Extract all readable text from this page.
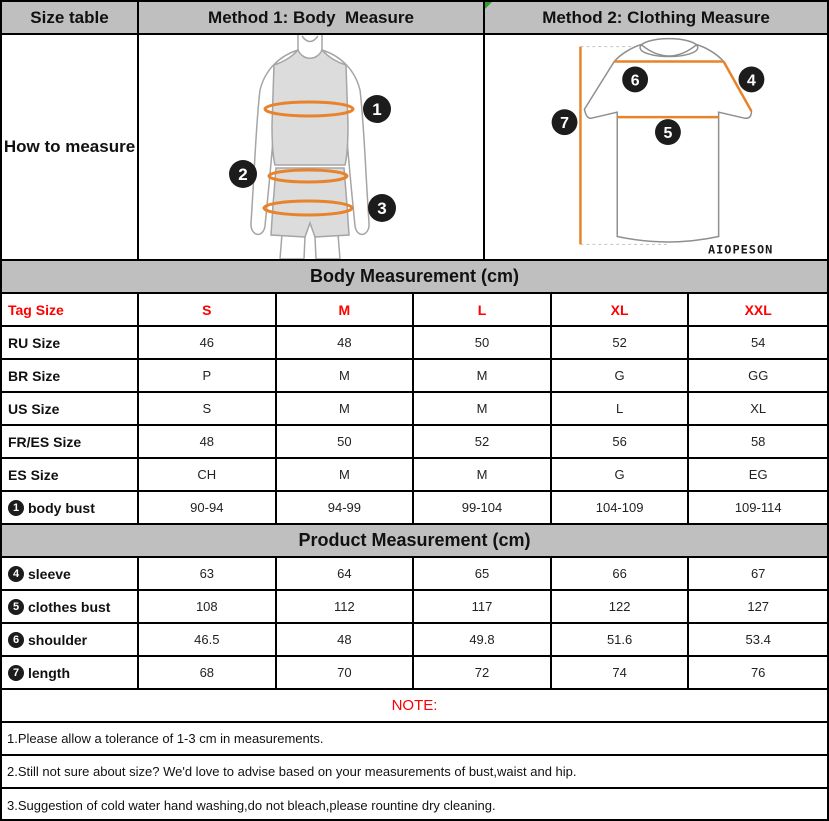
Size table	Method 1: Body  Measure	Method 2: Clothing Measure
How to measure
1
2
3
6	4
5
7
AIOPESON
Body Measurement (cm)
Tag Size	S	M	L	XL	XXL
RU Size	46	48	50	52	54
BR Size	P	M	M	G	GG
US Size	S	M	M	L	XL
FR/ES Size	48	50	52	56	58
ES Size	CH	M	M	G	EG
1 body bust	90-94	94-99	99-104	104-109	109-114
Product Measurement (cm)
4 sleeve	63	64	65	66	67
5 clothes bust	108	112	117	122	127
6 shoulder	46.5	48	49.8	51.6	53.4
7 length	68	70	72	74	76
NOTE:
1.Please allow a tolerance of 1-3 cm in measurements.
2.Still not sure about size? We'd love to advise based on your measurements of bust,waist and hip.
3.Suggestion of cold water hand washing,do not bleach,please rountine dry cleaning.
